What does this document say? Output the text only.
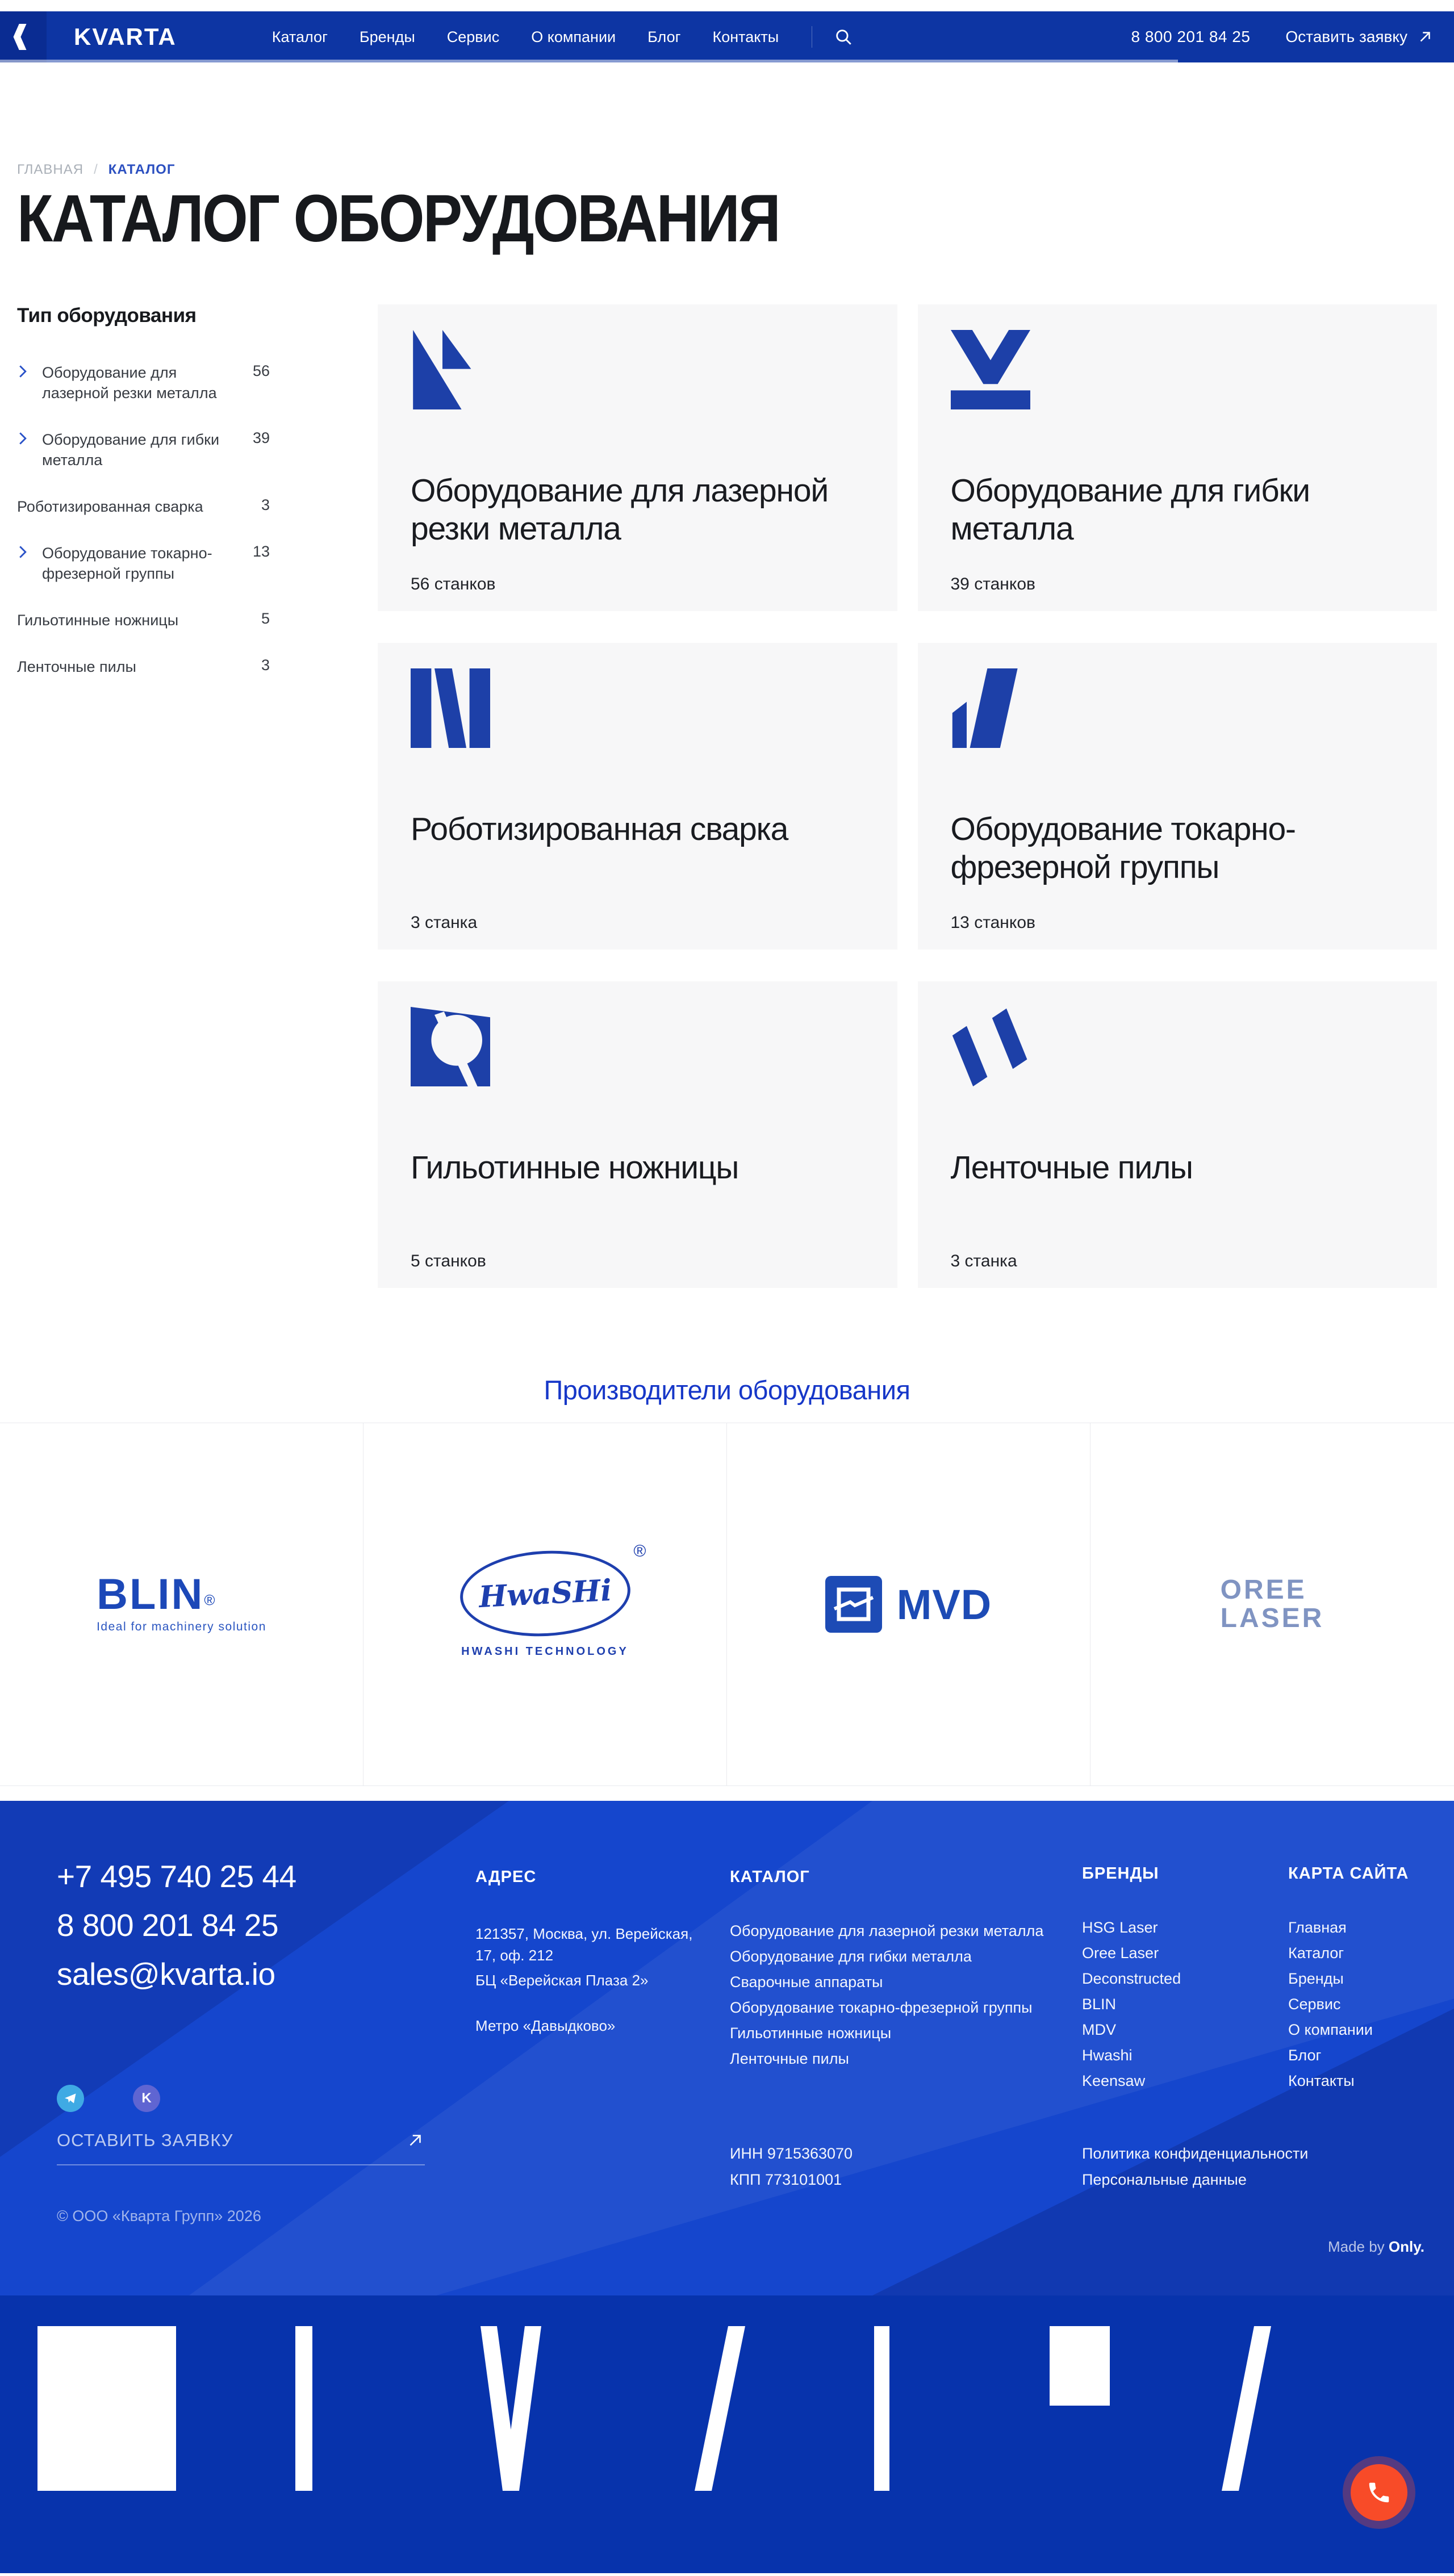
KVARTA	Каталог Бренды Сервис О компании Блог Контакты	8 800 201 84 25 Оставить заявку
ГЛАВНАЯ / КАТАЛОГ
КАТАЛОГ ОБОРУДОВАНИЯ
Тип оборудования
Оборудование для лазерной резки металла
56
Оборудование для гибки металла
39
Роботизированная сварка	3
Оборудование токарно-фрезерной группы
13
Гильотинные ножницы	5
Ленточные пилы	3
Оборудование для лазерной резки металла
56 станков
Оборудование для гибки металла
39 станков
Роботизированная сварка
3 станка
Оборудование токарно-фрезерной группы
13 станков
Гильотинные ножницы
5 станков
Ленточные пилы
3 станка
Производители оборудования
BLIN®
Ideal for machinery solution
HwaSHi
®
HWASHI TECHNOLOGY
MVD	OREE
LASER
+7 495 740 25 44
8 800 201 84 25
sales@kvarta.io
АДРЕС
121357, Москва, ул. Верейская, 17, оф. 212
БЦ «Верейская Плаза 2»
Метро «Давыдково»
КАТАЛОГ
Оборудование для лазерной резки металла
Оборудование для гибки металла
Сварочные аппараты
Оборудование токарно-фрезерной группы
Гильотинные ножницы
Ленточные пилы
БРЕНДЫ
HSG Laser
Oree Laser
Deconstructed
BLIN
MDV
Hwashi
Keensaw
КАРТА САЙТА
Главная
Каталог
Бренды
Сервис
О компании
Блог
Контакты
K
ОСТАВИТЬ ЗАЯВКУ
ИНН 9715363070
КПП 773101001
Политика конфиденциальности
Персональные данные
© ООО «Кварта Групп» 2026
Made by Only.
